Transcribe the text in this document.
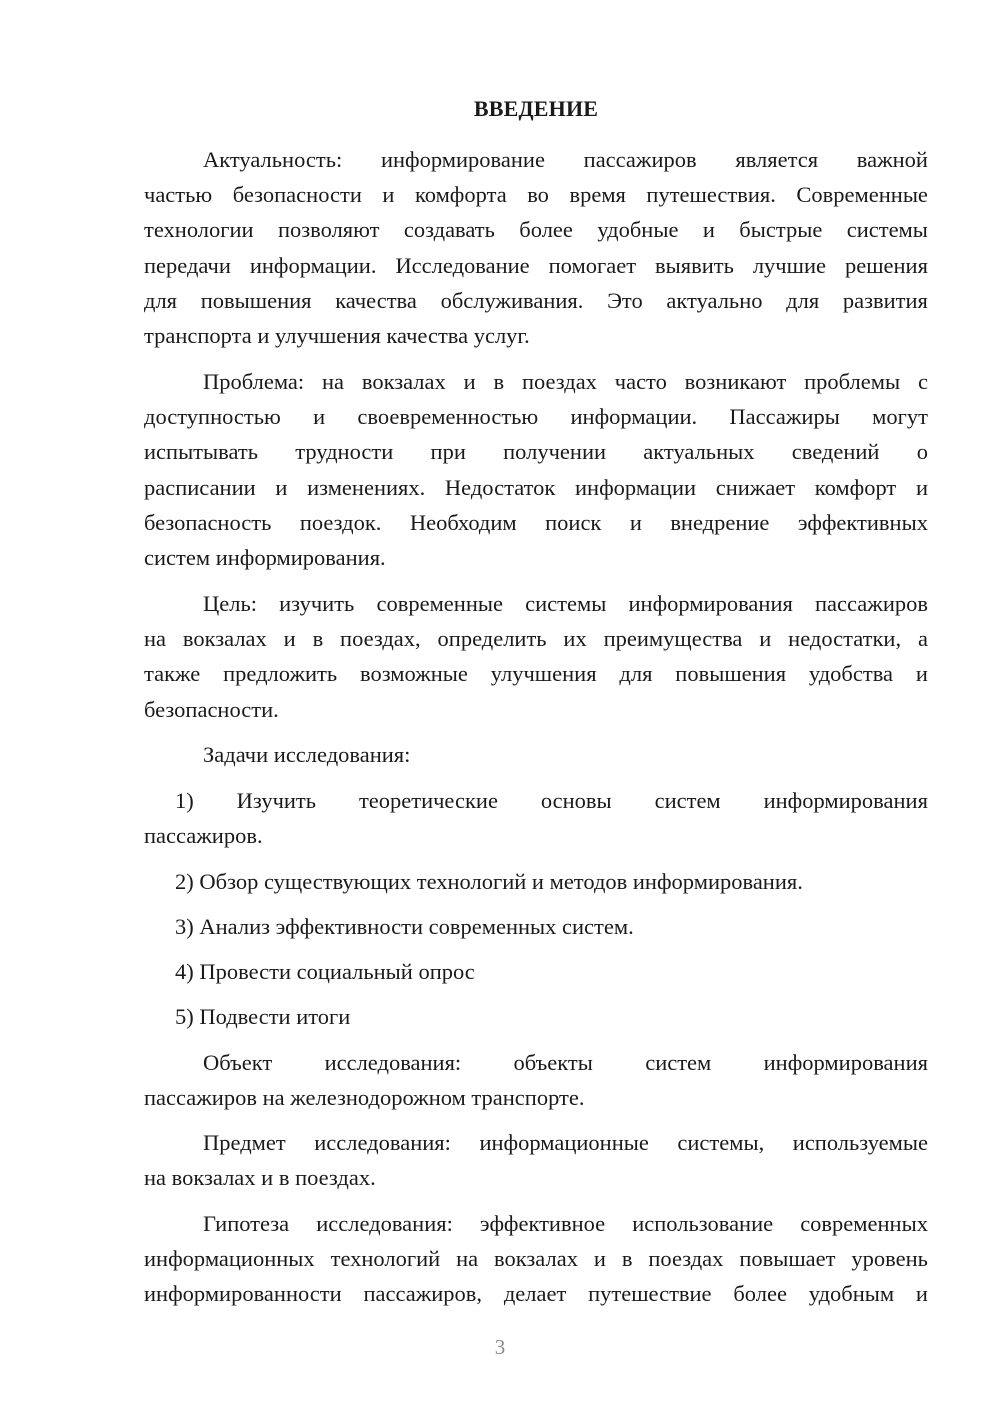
ВВЕДЕНИЕ
Актуальность: информирование пассажиров является важной
частью безопасности и комфорта во время путешествия. Современные
технологии позволяют создавать более удобные и быстрые системы
передачи информации. Исследование помогает выявить лучшие решения
для повышения качества обслуживания. Это актуально для развития
транспорта и улучшения качества услуг.
Проблема: на вокзалах и в поездах часто возникают проблемы с
доступностью и своевременностью информации. Пассажиры могут
испытывать трудности при получении актуальных сведений о
расписании и изменениях. Недостаток информации снижает комфорт и
безопасность поездок. Необходим поиск и внедрение эффективных
систем информирования.
Цель: изучить современные системы информирования пассажиров
на вокзалах и в поездах, определить их преимущества и недостатки, а
также предложить возможные улучшения для повышения удобства и
безопасности.
Задачи исследования:
1) Изучить теоретические основы систем информирования
пассажиров.
2) Обзор существующих технологий и методов информирования.
3) Анализ эффективности современных систем.
4) Провести социальный опрос
5) Подвести итоги
Объект исследования: объекты систем информирования
пассажиров на железнодорожном транспорте.
Предмет исследования: информационные системы, используемые
на вокзалах и в поездах.
Гипотеза исследования: эффективное использование современных
информационных технологий на вокзалах и в поездах повышает уровень
информированности пассажиров, делает путешествие более удобным и
3
